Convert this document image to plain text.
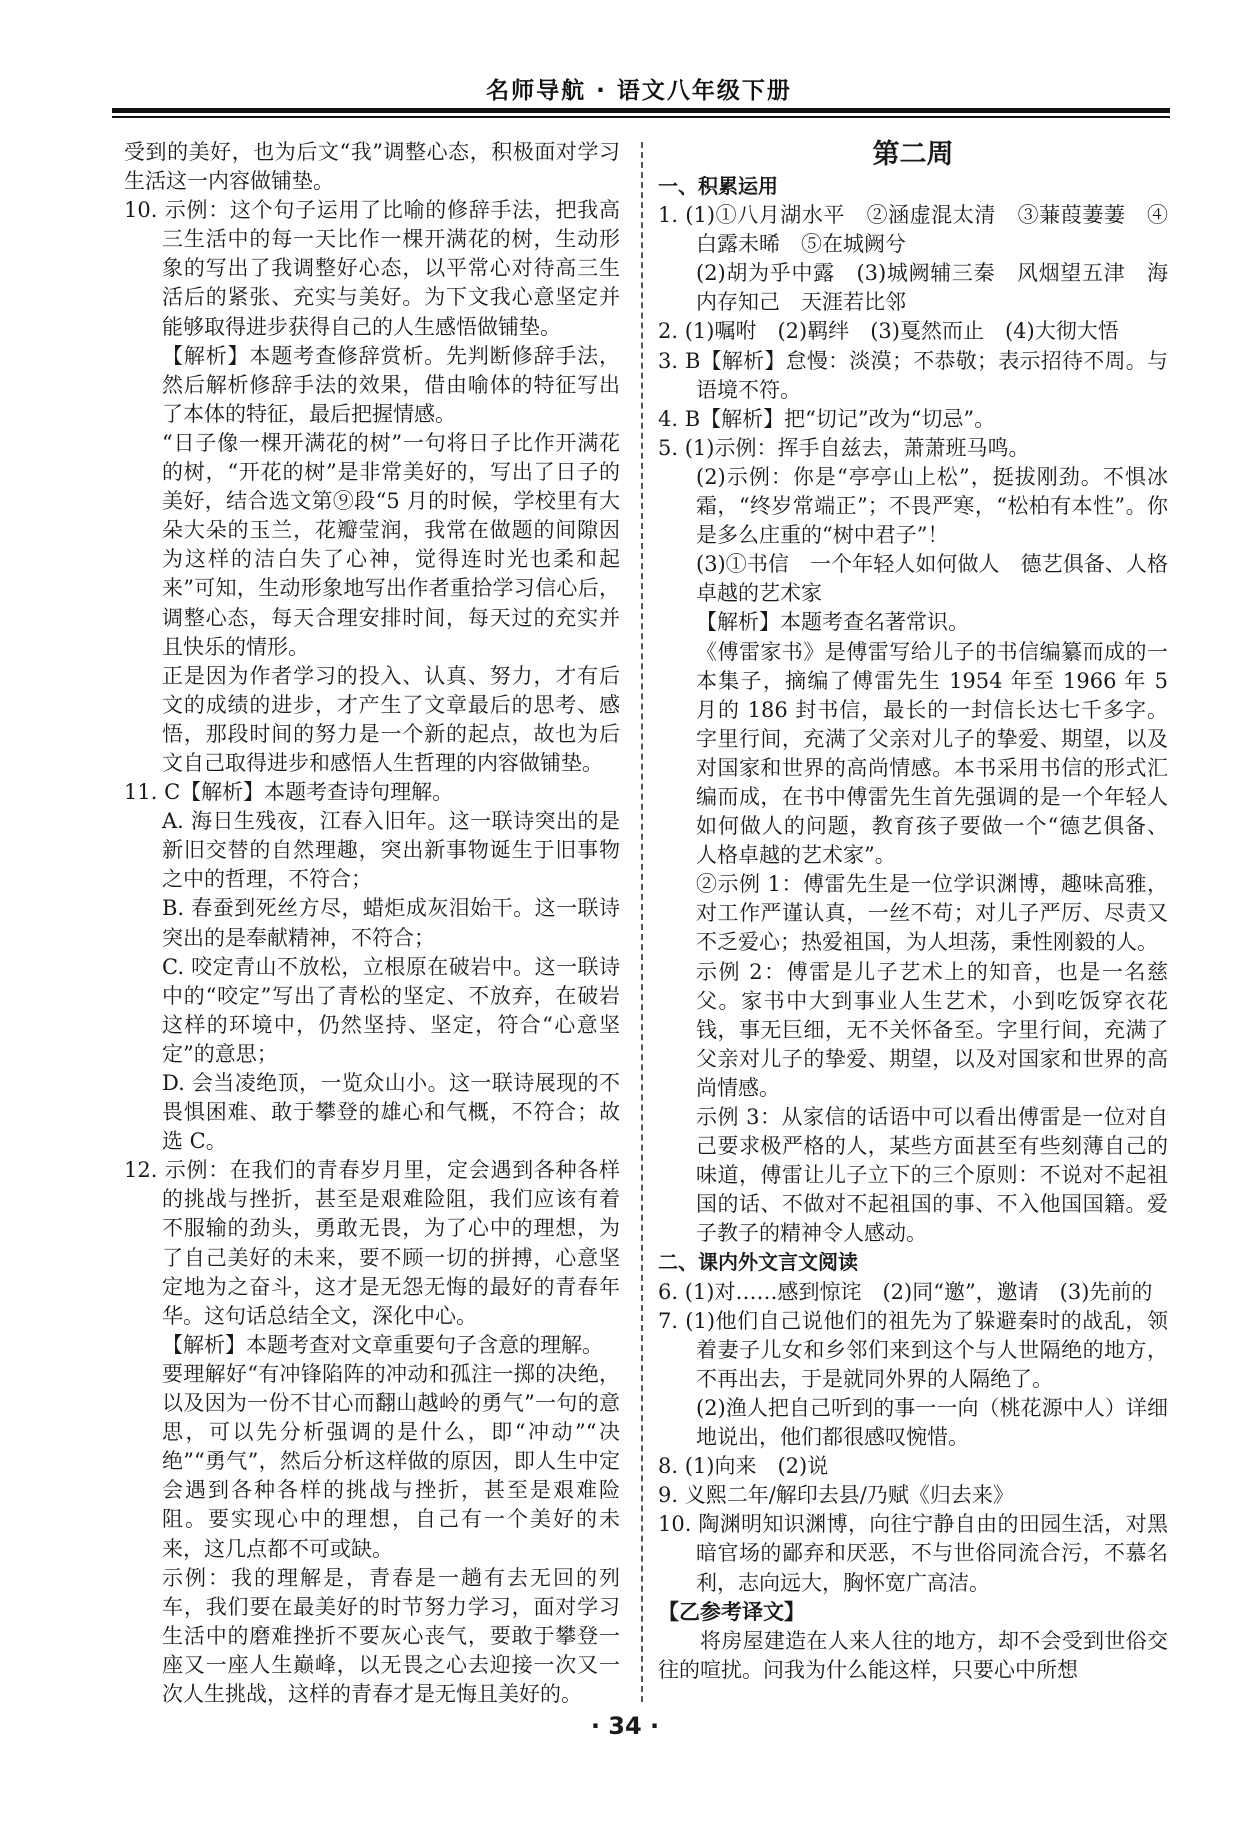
名师导航 · 语文八年级下册

受到的美好，也为后文“我”调整心态，积极面对学习生活这一内容做铺垫。

10. 示例：这个句子运用了比喻的修辞手法，把我高三生活中的每一天比作一棵开满花的树，生动形象的写出了我调整好心态，以平常心对待高三生活后的紧张、充实与美好。为下文我心意坚定并能够取得进步获得自己的人生感悟做铺垫。

【解析】本题考查修辞赏析。先判断修辞手法，然后解析修辞手法的效果，借由喻体的特征写出了本体的特征，最后把握情感。

“日子像一棵开满花的树”一句将日子比作开满花的树，“开花的树”是非常美好的，写出了日子的美好，结合选文第⑨段“5 月的时候，学校里有大朵大朵的玉兰，花瓣莹润，我常在做题的间隙因为这样的洁白失了心神，觉得连时光也柔和起来”可知，生动形象地写出作者重拾学习信心后，调整心态，每天合理安排时间，每天过的充实并且快乐的情形。

正是因为作者学习的投入、认真、努力，才有后文的成绩的进步，才产生了文章最后的思考、感悟，那段时间的努力是一个新的起点，故也为后文自己取得进步和感悟人生哲理的内容做铺垫。

11. C【解析】本题考查诗句理解。

A. 海日生残夜，江春入旧年。这一联诗突出的是新旧交替的自然理趣，突出新事物诞生于旧事物之中的哲理，不符合；

B. 春蚕到死丝方尽，蜡炬成灰泪始干。这一联诗突出的是奉献精神，不符合；

C. 咬定青山不放松，立根原在破岩中。这一联诗中的“咬定”写出了青松的坚定、不放弃，在破岩这样的环境中，仍然坚持、坚定，符合“心意坚定”的意思；

D. 会当凌绝顶，一览众山小。这一联诗展现的不畏惧困难、敢于攀登的雄心和气概，不符合；故选 C。

12. 示例：在我们的青春岁月里，定会遇到各种各样的挑战与挫折，甚至是艰难险阻，我们应该有着不服输的劲头，勇敢无畏，为了心中的理想，为了自己美好的未来，要不顾一切的拼搏，心意坚定地为之奋斗，这才是无怨无悔的最好的青春年华。这句话总结全文，深化中心。

【解析】本题考查对文章重要句子含意的理解。

要理解好“有冲锋陷阵的冲动和孤注一掷的决绝，以及因为一份不甘心而翻山越岭的勇气”一句的意思，可以先分析强调的是什么，即“冲动”“决绝”“勇气”，然后分析这样做的原因，即人生中定会遇到各种各样的挑战与挫折，甚至是艰难险阻。要实现心中的理想，自己有一个美好的未来，这几点都不可或缺。

示例：我的理解是，青春是一趟有去无回的列车，我们要在最美好的时节努力学习，面对学习生活中的磨难挫折不要灰心丧气，要敢于攀登一座又一座人生巅峰，以无畏之心去迎接一次又一次人生挑战，这样的青春才是无悔且美好的。

第二周

一、积累运用

1. (1)①八月湖水平　②涵虚混太清　③蒹葭萋萋　④白露未晞　⑤在城阙兮

(2)胡为乎中露　(3)城阙辅三秦　风烟望五津　海内存知己　天涯若比邻

2. (1)嘱咐　(2)羁绊　(3)戛然而止　(4)大彻大悟

3. B【解析】怠慢：淡漠；不恭敬；表示招待不周。与语境不符。

4. B【解析】把“切记”改为“切忌”。

5. (1)示例：挥手自兹去，萧萧班马鸣。

(2)示例：你是“亭亭山上松”，挺拔刚劲。不惧冰霜，“终岁常端正”；不畏严寒，“松柏有本性”。你是多么庄重的“树中君子”！

(3)①书信　一个年轻人如何做人　德艺俱备、人格卓越的艺术家

【解析】本题考查名著常识。

《傅雷家书》是傅雷写给儿子的书信编纂而成的一本集子，摘编了傅雷先生 1954 年至 1966 年 5 月的 186 封书信，最长的一封信长达七千多字。字里行间，充满了父亲对儿子的挚爱、期望，以及对国家和世界的高尚情感。本书采用书信的形式汇编而成，在书中傅雷先生首先强调的是一个年轻人如何做人的问题，教育孩子要做一个“德艺俱备、人格卓越的艺术家”。

②示例 1：傅雷先生是一位学识渊博，趣味高雅，对工作严谨认真，一丝不苟；对儿子严厉、尽责又不乏爱心；热爱祖国，为人坦荡，秉性刚毅的人。

示例 2：傅雷是儿子艺术上的知音，也是一名慈父。家书中大到事业人生艺术，小到吃饭穿衣花钱，事无巨细，无不关怀备至。字里行间，充满了父亲对儿子的挚爱、期望，以及对国家和世界的高尚情感。

示例 3：从家信的话语中可以看出傅雷是一位对自己要求极严格的人，某些方面甚至有些刻薄自己的味道，傅雷让儿子立下的三个原则：不说对不起祖国的话、不做对不起祖国的事、不入他国国籍。爱子教子的精神令人感动。

二、课内外文言文阅读

6. (1)对……感到惊诧　(2)同“邀”，邀请　(3)先前的

7. (1)他们自己说他们的祖先为了躲避秦时的战乱，领着妻子儿女和乡邻们来到这个与人世隔绝的地方，不再出去，于是就同外界的人隔绝了。

(2)渔人把自己听到的事一一向（桃花源中人）详细地说出，他们都很感叹惋惜。

8. (1)向来　(2)说

9. 义熙二年/解印去县/乃赋《归去来》

10. 陶渊明知识渊博，向往宁静自由的田园生活，对黑暗官场的鄙弃和厌恶，不与世俗同流合污，不慕名利，志向远大，胸怀宽广高洁。

【乙参考译文】

将房屋建造在人来人往的地方，却不会受到世俗交往的喧扰。问我为什么能这样，只要心中所想

· 34 ·
